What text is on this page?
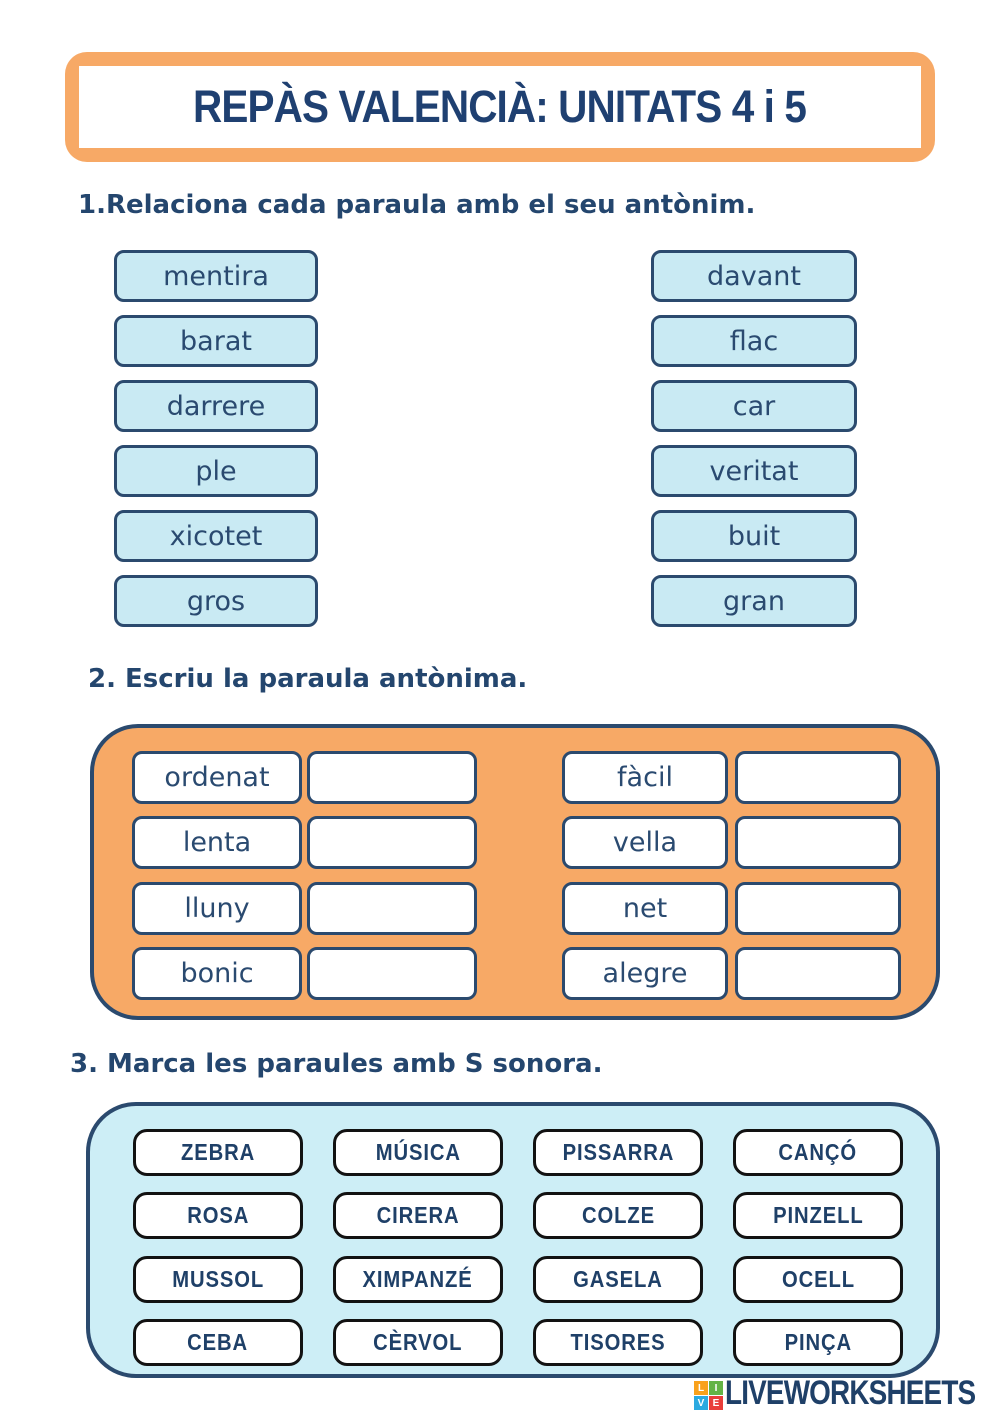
REPÀS VALENCIÀ: UNITATS 4 i 5
1.Relaciona cada paraula amb el seu antònim.
mentira
barat
darrere
ple
xicotet
gros
davant
flac
car
veritat
buit
gran
2. Escriu la paraula antònima.
ordenat	fàcil
lenta	vella
lluny	net
bonic	alegre
3. Marca les paraules amb S sonora.
ZEBRA	MÚSICA	PISSARRA	CANÇÓ
ROSA	CIRERA	COLZE	PINZELL
MUSSOL	XIMPANZÉ	GASELA	OCELL
CEBA	CÈRVOL	TISORES	PINÇA
L	I
V E LIVEWORKSHEETS
